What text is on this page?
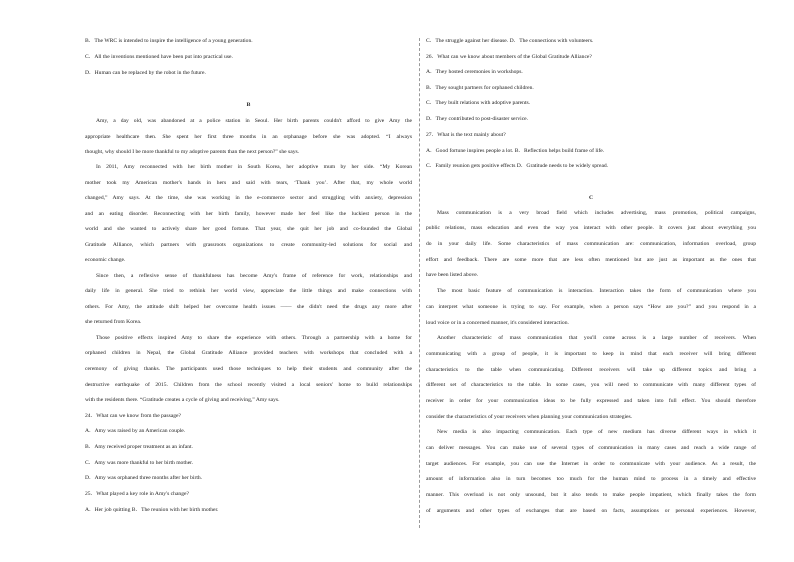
B．The WRC is intended to inspire the intelligence of a young generation.
C．All the inventions mentioned have been put into practical use.
D．Human can be replaced by the robot in the future.
B
Amy, a day old, was abandoned at a police station in Seoul. Her birth parents couldn't afford to give Amy the
appropriate healthcare then. She spent her first three months in an orphanage before she was adopted. “I always
thought, why should I be more thankful to my adoptive parents than the next person?” she says.
In 2011, Amy reconnected with her birth mother in South Korea, her adoptive mum by her side. “My Korean
mother took my American mother's hands in hers and said with tears, ‘Thank you’. After that, my whole world
changed,” Amy says. At the time, she was working in the e-commerce sector and struggling with anxiety, depression
and an eating disorder. Reconnecting with her birth family, however made her feel like the luckiest person in the
world and she wanted to actively share her good fortune. That year, she quit her job and co-founded the Global
Gratitude Alliance, which partners with grassroots organizations to create community-led solutions for social and
economic change.
Since then, a reflexive sense of thankfulness has become Amy's frame of reference for work, relationships and
daily life in general. She tried to rethink her world view, appreciate the little things and make connections with
others. For Amy, the attitude shift helped her overcome health issues —— she didn't need the drugs any more after
she returned from Korea.
Those positive effects inspired Amy to share the experience with others. Through a partnership with a home for
orphaned children in Nepal, the Global Gratitude Alliance provided teachers with workshops that concluded with a
ceremony of giving thanks. The participants used those techniques to help their students and community after the
destructive earthquake of 2015. Children from the school recently visited a local seniors' home to build relationships
with the residents there. “Gratitude creates a cycle of giving and receiving,” Amy says.
24．What can we know from the passage?
A．Amy was raised by an American couple.
B．Amy received proper treatment as an infant.
C．Amy was more thankful to her birth mother.
D．Amy was orphaned three months after her birth.
25．What played a key role in Amy's change?
A．Her job quitting B．The reunion with her birth mother.
C．The struggle against her disease. D．The connections with volunteers.
26．What can we know about members of the Global Gratitude Alliance?
A．They hosted ceremonies in workshops.
B．They sought partners for orphaned children.
C．They built relations with adoptive parents.
D．They contributed to post-disaster service.
27．What is the text mainly about?
A．Good fortune inspires people a lot. B．Reflection helps build frame of life.
C．Family reunion gets positive effects D．Gratitude needs to be widely spread.
C
Mass communication is a very broad field which includes advertising, mass promotion, political campaigns,
public relations, mass education and even the way you interact with other people. It covers just about everything you
do in your daily life. Some characteristics of mass communication are: communication, information overload, group
effort and feedback. There are some more that are less often mentioned but are just as important as the ones that
have been listed above.
The most basic feature of communication is interaction. Interaction takes the form of communication where you
can interpret what someone is trying to say. For example, when a person says “How are you?” and you respond in a
loud voice or in a concerned manner, it's considered interaction.
Another characteristic of mass communication that you'll come across is a large number of receivers. When
communicating with a group of people, it is important to keep in mind that each receiver will bring different
characteristics to the table when communicating. Different receivers will take up different topics and bring a
different set of characteristics to the table. In some cases, you will need to communicate with many different types of
receiver in order for your communication ideas to be fully expressed and taken into full effect. You should therefore
consider the characteristics of your receivers when planning your communication strategies.
New media is also impacting communication. Each type of new medium has diverse different ways in which it
can deliver messages. You can make use of several types of communication in many cases and reach a wide range of
target audiences. For example, you can use the Internet in order to communicate with your audience. As a result, the
amount of information also in turn becomes too much for the human mind to process in a timely and effective
manner. This overload is not only unsound, but it also tends to make people impatient, which finally takes the form
of arguments and other types of exchanges that are based on facts, assumptions or personal experiences. However,
